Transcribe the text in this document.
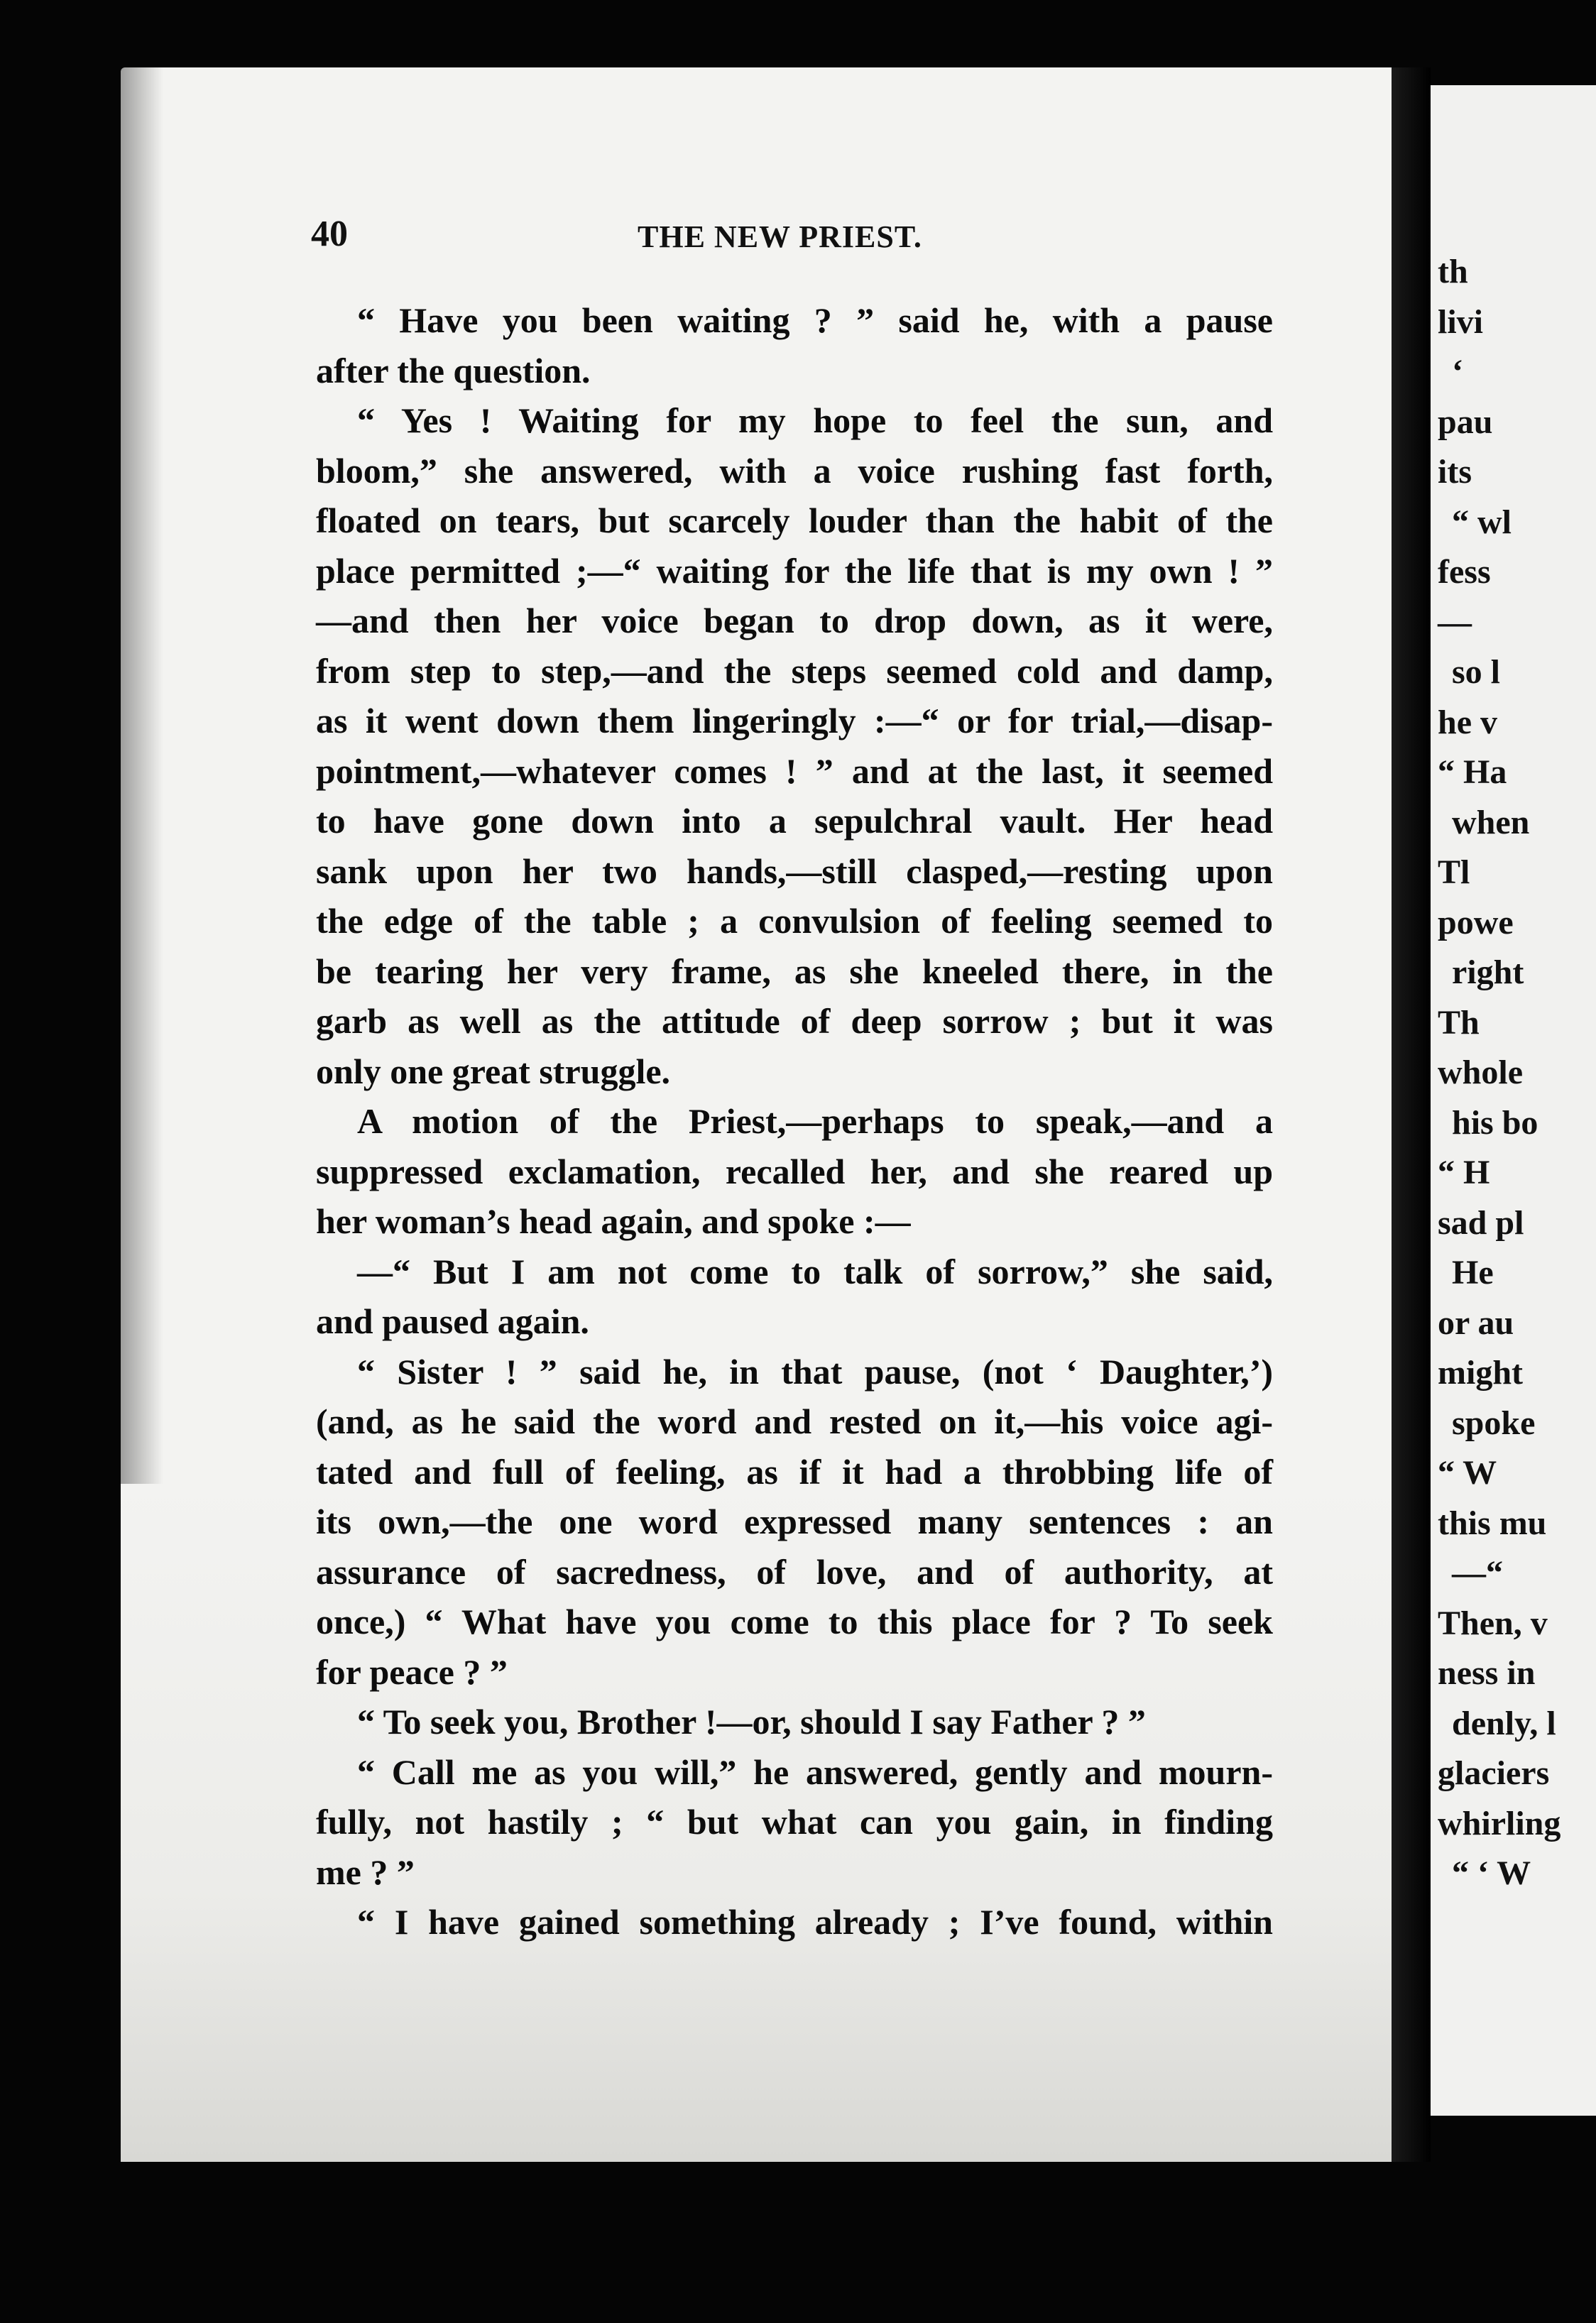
40	THE NEW PRIEST.
“ Have you been waiting ? ” said he, with a pause
after the question.
“ Yes ! Waiting for my hope to feel the sun, and
bloom,” she answered, with a voice rushing fast forth,
floated on tears, but scarcely louder than the habit of the
place permitted ;—“ waiting for the life that is my own ! ”
—and then her voice began to drop down, as it were,
from step to step,—and the steps seemed cold and damp,
as it went down them lingeringly :—“ or for trial,—disap-
pointment,—whatever comes ! ” and at the last, it seemed
to have gone down into a sepulchral vault. Her head
sank upon her two hands,—still clasped,—resting upon
the edge of the table ; a convulsion of feeling seemed to
be tearing her very frame, as she kneeled there, in the
garb as well as the attitude of deep sorrow ; but it was
only one great struggle.
A motion of the Priest,—perhaps to speak,—and a
suppressed exclamation, recalled her, and she reared up
her woman’s head again, and spoke :—
—“ But I am not come to talk of sorrow,” she said,
and paused again.
“ Sister ! ” said he, in that pause, (not ‘ Daughter,’)
(and, as he said the word and rested on it,—his voice agi-
tated and full of feeling, as if it had a throbbing life of
its own,—the one word expressed many sentences : an
assurance of sacredness, of love, and of authority, at
once,) “ What have you come to this place for ? To seek
for peace ? ”
“ To seek you, Brother !—or, should I say Father ? ”
“ Call me as you will,” he answered, gently and mourn-
fully, not hastily ; “ but what can you gain, in finding
me ? ”
“ I have gained something already ; I’ve found, within
th
livi
‘
pau
its
“ wl
fess
—
so l
he v
“ Ha
when
Tl
powe
right
Th
whole
his bo
“ H
sad pl
He
or au
might
spoke
“ W
this mu
—“
Then, v
ness in
denly, l
glaciers
whirling
“ ‘ W
